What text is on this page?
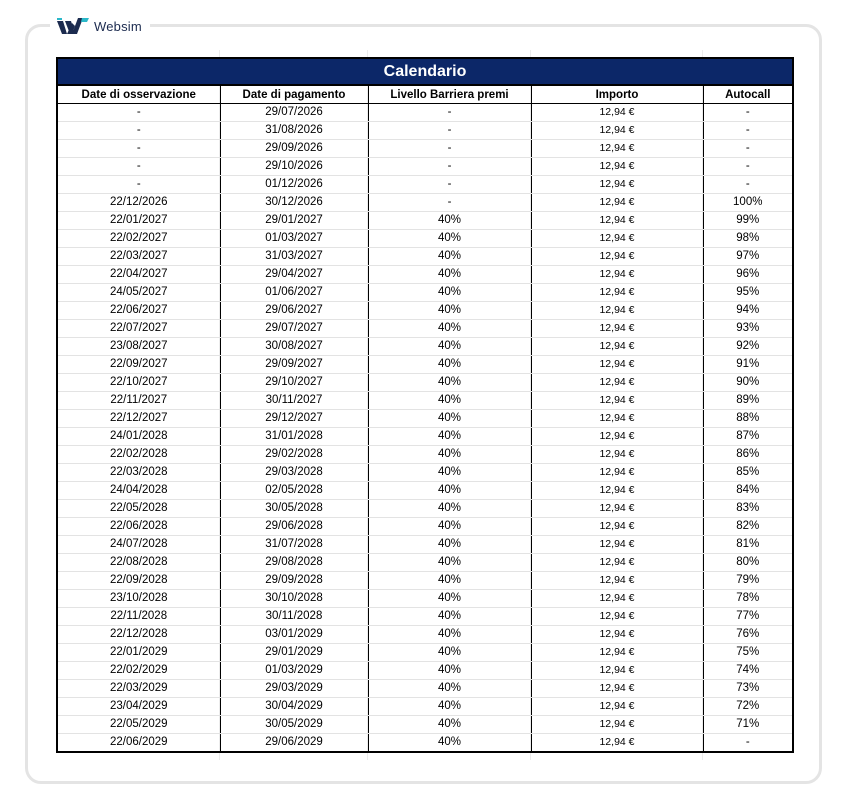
Websim
Calendario				
Date di osservazione	Date di pagamento	Livello Barriera premi	Importo	Autocall
-	29/07/2026	-	12,94 €	-
-	31/08/2026	-	12,94 €	-
-	29/09/2026	-	12,94 €	-
-	29/10/2026	-	12,94 €	-
-	01/12/2026	-	12,94 €	-
22/12/2026	30/12/2026	-	12,94 €	100%
22/01/2027	29/01/2027	40%	12,94 €	99%
22/02/2027	01/03/2027	40%	12,94 €	98%
22/03/2027	31/03/2027	40%	12,94 €	97%
22/04/2027	29/04/2027	40%	12,94 €	96%
24/05/2027	01/06/2027	40%	12,94 €	95%
22/06/2027	29/06/2027	40%	12,94 €	94%
22/07/2027	29/07/2027	40%	12,94 €	93%
23/08/2027	30/08/2027	40%	12,94 €	92%
22/09/2027	29/09/2027	40%	12,94 €	91%
22/10/2027	29/10/2027	40%	12,94 €	90%
22/11/2027	30/11/2027	40%	12,94 €	89%
22/12/2027	29/12/2027	40%	12,94 €	88%
24/01/2028	31/01/2028	40%	12,94 €	87%
22/02/2028	29/02/2028	40%	12,94 €	86%
22/03/2028	29/03/2028	40%	12,94 €	85%
24/04/2028	02/05/2028	40%	12,94 €	84%
22/05/2028	30/05/2028	40%	12,94 €	83%
22/06/2028	29/06/2028	40%	12,94 €	82%
24/07/2028	31/07/2028	40%	12,94 €	81%
22/08/2028	29/08/2028	40%	12,94 €	80%
22/09/2028	29/09/2028	40%	12,94 €	79%
23/10/2028	30/10/2028	40%	12,94 €	78%
22/11/2028	30/11/2028	40%	12,94 €	77%
22/12/2028	03/01/2029	40%	12,94 €	76%
22/01/2029	29/01/2029	40%	12,94 €	75%
22/02/2029	01/03/2029	40%	12,94 €	74%
22/03/2029	29/03/2029	40%	12,94 €	73%
23/04/2029	30/04/2029	40%	12,94 €	72%
22/05/2029	30/05/2029	40%	12,94 €	71%
22/06/2029	29/06/2029	40%	12,94 €	-
